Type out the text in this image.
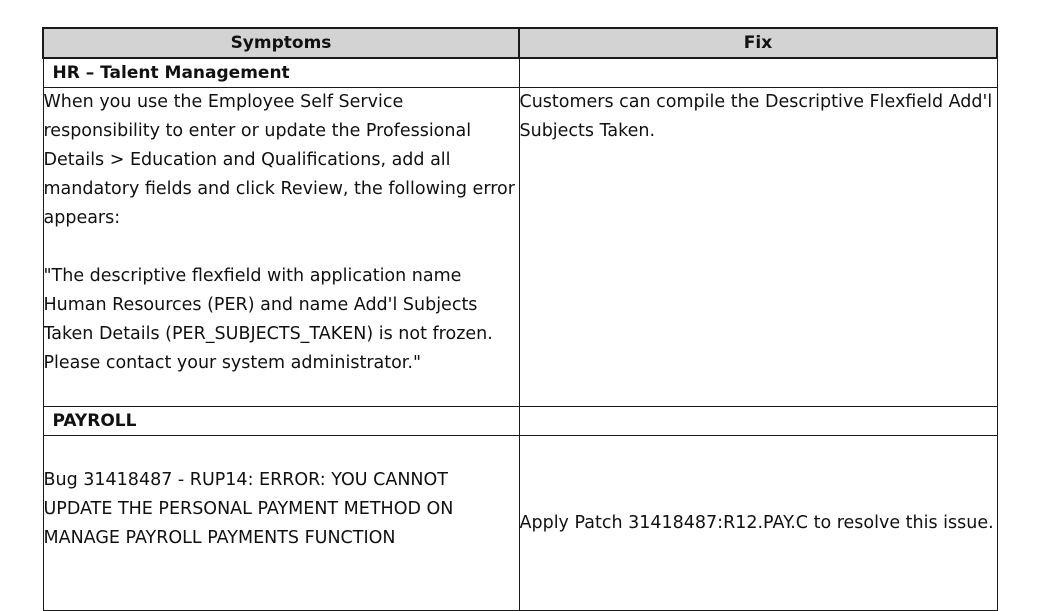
Symptoms	Fix
HR – Talent Management	

When you use the Employee Self Service responsibility to enter or update the Professional Details > Education and Qualifications, add all mandatory fields and click Review, the following error appears:
"The descriptive flexfield with application name Human Resources (PER) and name Add'l Subjects Taken Details (PER_SUBJECTS_TAKEN) is not frozen. Please contact your system administrator."	Customers can compile the Descriptive Flexfield Add'l Subjects Taken.
PAYROLL	

Bug 31418487 - RUP14: ERROR: YOU CANNOT UPDATE THE PERSONAL PAYMENT METHOD ON MANAGE PAYROLL PAYMENTS FUNCTION	Apply Patch 31418487:R12.PAY.C to resolve this issue.
